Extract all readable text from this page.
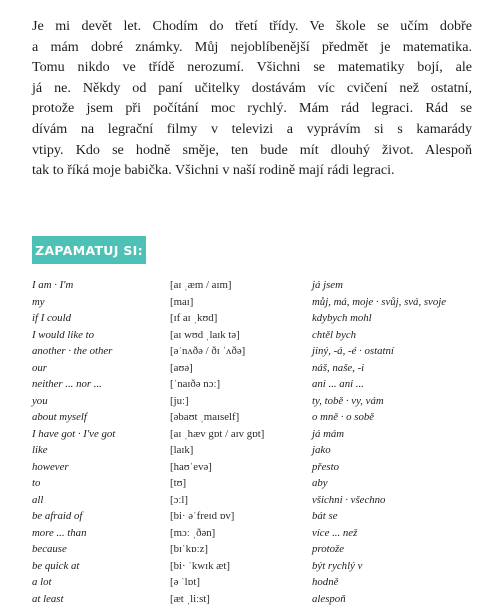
Je mi devět let. Chodím do třetí třídy. Ve škole se učím dobře
a mám dobré známky. Můj nejoblíbenější předmět je matematika.
Tomu nikdo ve třídě nerozumí. Všichni se matematiky bojí, ale
já ne. Někdy od paní učitelky dostávám víc cvičení než ostatní,
protože jsem při počítání moc rychlý. Mám rád legraci. Rád se
dívám na legrační filmy v televizi a vyprávím si s kamarády
vtipy. Kdo se hodně směje, ten bude mít dlouhý život. Alespoň
tak to říká moje babička. Všichni v naší rodině mají rádi legraci.
ZAPAMATUJ SI:
I am · I'm	[aɪ ˌæm / aɪm]	já jsem
my	[maɪ]	můj, má, moje · svůj, svá, svoje
if I could	[ɪf aɪ ˌkʊd]	kdybych mohl
I would like to	[aɪ wʊd ˌlaɪk tə]	chtěl bych
another · the other	[əˈnʌðə / ðɪ ˈʌðə]	jiný, -á, -é · ostatní
our	[aʊə]	náš, naše, -i
neither ... nor ...	[ˈnaɪðə nɔː]	ani ... ani ...
you	[juː]	ty, tobě · vy, vám
about myself	[əbaʊt ˌmaɪself]	o mně · o sobě
I have got · I've got	[aɪ ˌhæv gɒt / aɪv gɒt]	já mám
like	[laɪk]	jako
however	[haʊˈevə]	přesto
to	[tʊ]	aby
all	[ɔːl]	všichni · všechno
be afraid of	[bi· əˈfreɪd ɒv]	bát se
more ... than	[mɔː ˌðən]	více ... než
because	[bɪˈkɒːz]	protože
be quick at	[bi· ˈkwɪk æt]	být rychlý v
a lot	[ə ˈlɒt]	hodně
at least	[æt ˌliːst]	alespoň
